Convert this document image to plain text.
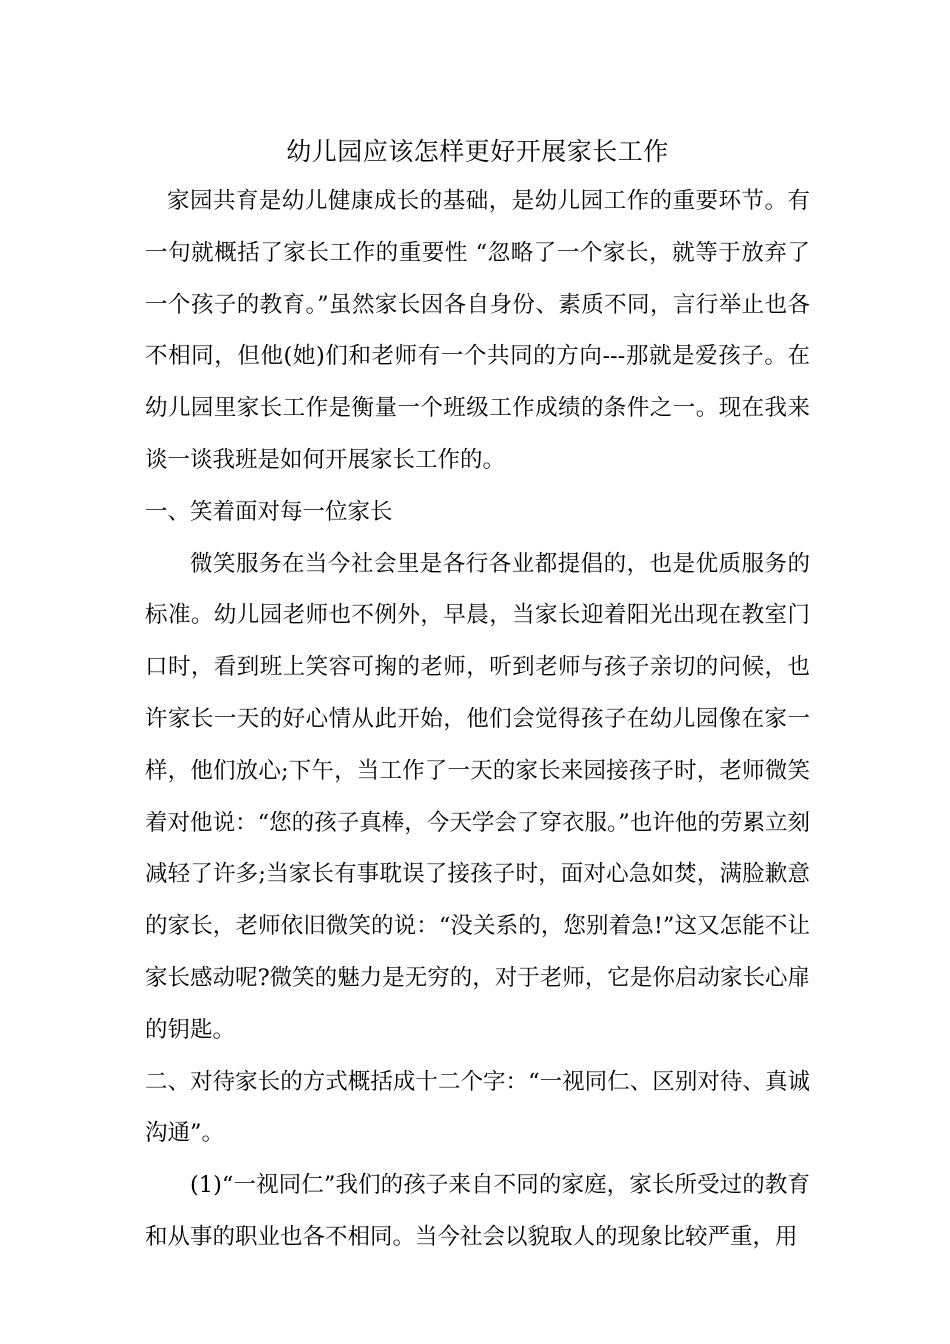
幼儿园应该怎样更好开展家长工作

家园共育是幼儿健康成长的基础，是幼儿园工作的重要环节。有一句就概括了家长工作的重要性 “忽略了一个家长，就等于放弃了一个孩子的教育。”虽然家长因各自身份、素质不同，言行举止也各不相同，但他(她)们和老师有一个共同的方向---那就是爱孩子。在幼儿园里家长工作是衡量一个班级工作成绩的条件之一。现在我来谈一谈我班是如何开展家长工作的。

一、笑着面对每一位家长

微笑服务在当今社会里是各行各业都提倡的，也是优质服务的标准。幼儿园老师也不例外，早晨，当家长迎着阳光出现在教室门口时，看到班上笑容可掬的老师，听到老师与孩子亲切的问候，也许家长一天的好心情从此开始，他们会觉得孩子在幼儿园像在家一样，他们放心;下午，当工作了一天的家长来园接孩子时，老师微笑着对他说：“您的孩子真棒，今天学会了穿衣服。”也许他的劳累立刻减轻了许多;当家长有事耽误了接孩子时，面对心急如焚，满脸歉意的家长，老师依旧微笑的说：“没关系的，您别着急!”这又怎能不让家长感动呢?微笑的魅力是无穷的，对于老师，它是你启动家长心扉的钥匙。

二、对待家长的方式概括成十二个字：“一视同仁、区别对待、真诚沟通”。

(1)“一视同仁”我们的孩子来自不同的家庭，家长所受过的教育和从事的职业也各不相同。当今社会以貌取人的现象比较严重，用
